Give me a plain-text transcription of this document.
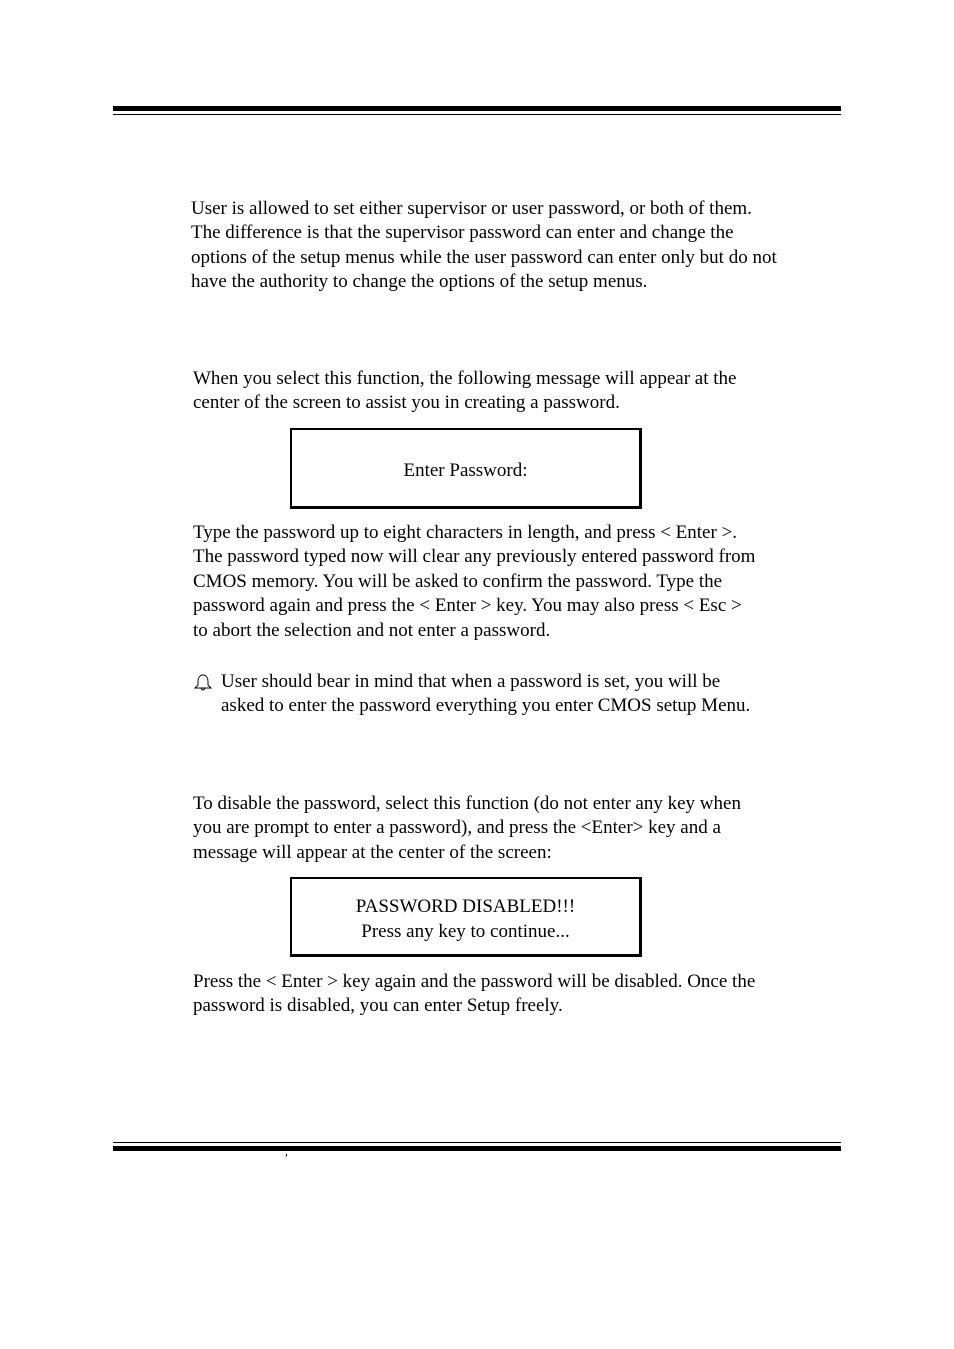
User is allowed to set either supervisor or user password, or both of them.
The difference is that the supervisor password can enter and change the
options of the setup menus while the user password can enter only but do not
have the authority to change the options of the setup menus.

When you select this function, the following message will appear at the
center of the screen to assist you in creating a password.

Enter Password:

Type the password up to eight characters in length, and press < Enter >.
The password typed now will clear any previously entered password from
CMOS memory. You will be asked to confirm the password. Type the
password again and press the < Enter > key. You may also press < Esc >
to abort the selection and not enter a password.

User should bear in mind that when a password is set, you will be
asked to enter the password everything you enter CMOS setup Menu.

To disable the password, select this function (do not enter any key when
you are prompt to enter a password), and press the <Enter> key and a
message will appear at the center of the screen:

PASSWORD DISABLED!!!
Press any key to continue...

Press the < Enter > key again and the password will be disabled. Once the
password is disabled, you can enter Setup freely.

′
